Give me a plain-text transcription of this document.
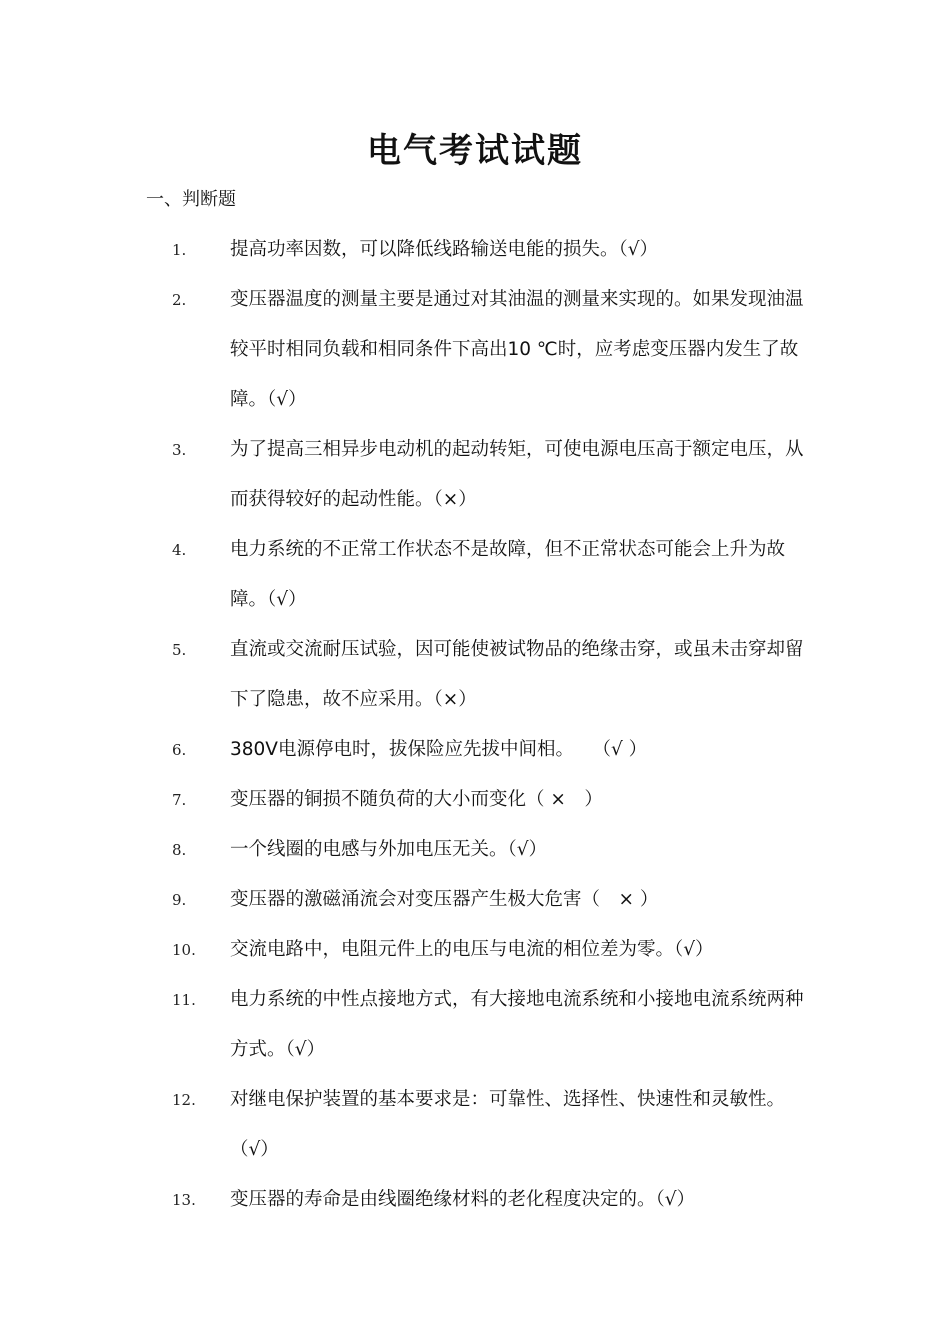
电气考试试题
一、判断题
1. 提高功率因数，可以降低线路输送电能的损失。（√）
2. 变压器温度的测量主要是通过对其油温的测量来实现的。如果发现油温较平时相同负载和相同条件下高出10 ℃时，应考虑变压器内发生了故障。（√）
3. 为了提高三相异步电动机的起动转矩，可使电源电压高于额定电压，从而获得较好的起动性能。（×）
4. 电力系统的不正常工作状态不是故障，但不正常状态可能会上升为故障。（√）
5. 直流或交流耐压试验，因可能使被试物品的绝缘击穿，或虽未击穿却留下了隐患，故不应采用。（×）
6. 380V电源停电时，拔保险应先拔中间相。　　（√ ）
7. 变压器的铜损不随负荷的大小而变化（ ×　）
8. 一个线圈的电感与外加电压无关。（√）
9. 变压器的激磁涌流会对变压器产生极大危害（　× ）
10. 交流电路中，电阻元件上的电压与电流的相位差为零。（√）
11. 电力系统的中性点接地方式，有大接地电流系统和小接地电流系统两种方式。（√）
12. 对继电保护装置的基本要求是：可靠性、选择性、快速性和灵敏性。（√）
13. 变压器的寿命是由线圈绝缘材料的老化程度决定的。（√）
